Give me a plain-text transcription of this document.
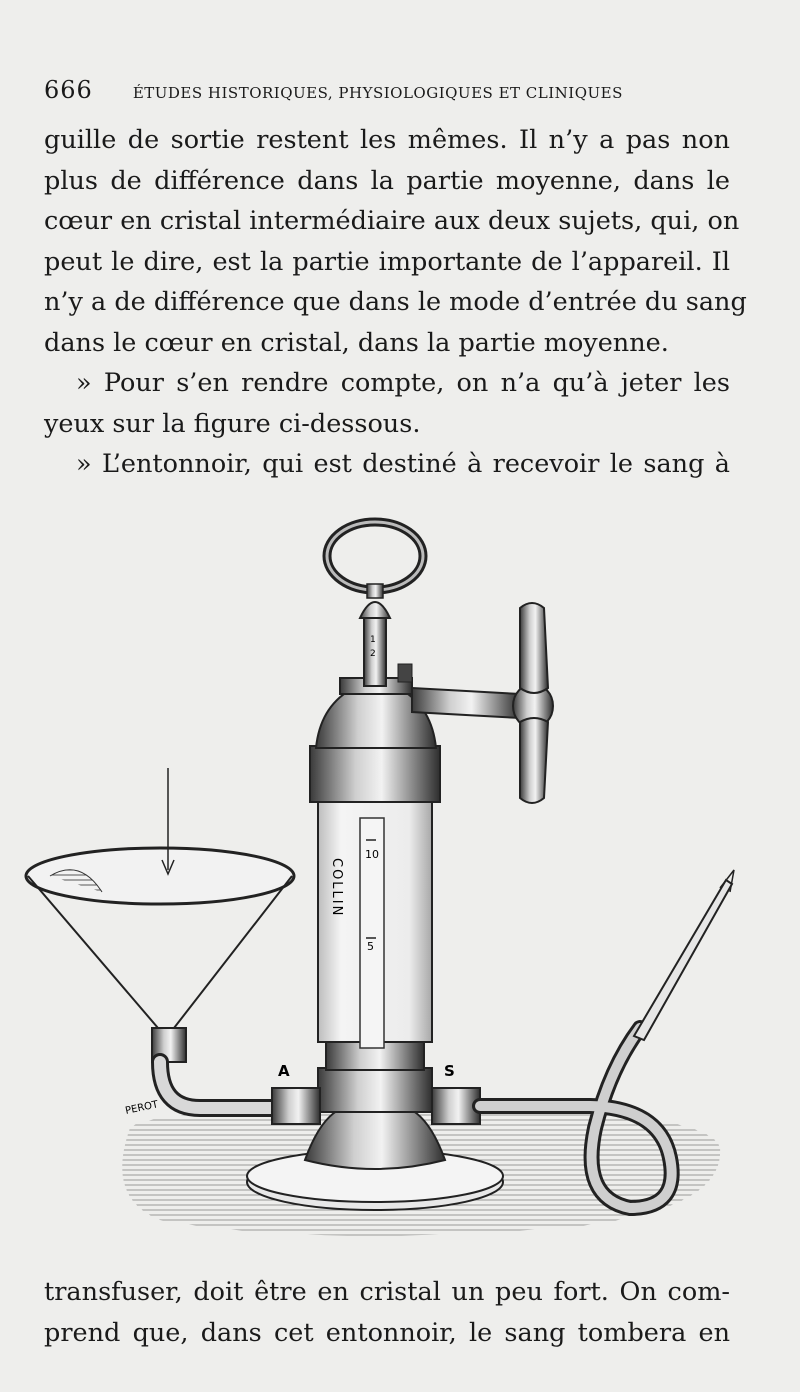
666	ÉTUDES HISTORIQUES, PHYSIOLOGIQUES ET CLINIQUES
guille de sortie restent les mêmes. Il n’y a pas non
plus de différence dans la partie moyenne, dans le
cœur en cristal intermédiaire aux deux sujets, qui, on
peut le dire, est la partie importante de l’appareil. Il
n’y a de différence que dans le mode d’entrée du sang
dans le cœur en cristal, dans la partie moyenne.
» Pour s’en rendre compte, on n’a qu’à jeter les
yeux sur la figure ci-dessous.
» L’entonnoir, qui est destiné à recevoir le sang à
10
5
COLLIN
1
2
A	S
PEROT
transfuser, doit être en cristal un peu fort. On com-
prend que, dans cet entonnoir, le sang tombera en
